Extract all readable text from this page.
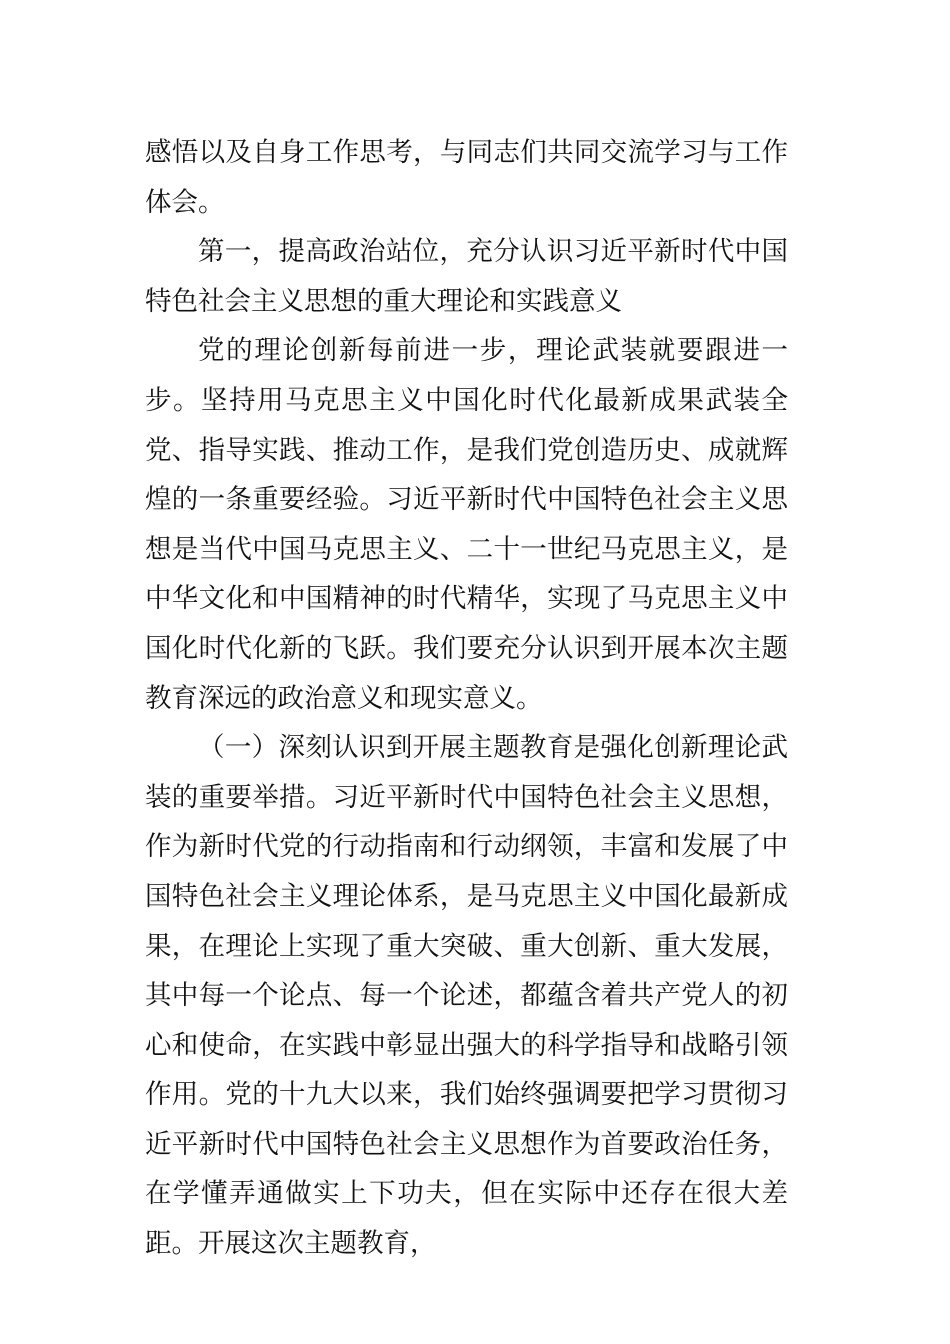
感悟以及自身工作思考，与同志们共同交流学习与工作体会。

第一，提高政治站位，充分认识习近平新时代中国特色社会主义思想的重大理论和实践意义

党的理论创新每前进一步，理论武装就要跟进一步。坚持用马克思主义中国化时代化最新成果武装全党、指导实践、推动工作，是我们党创造历史、成就辉煌的一条重要经验。习近平新时代中国特色社会主义思想是当代中国马克思主义、二十一世纪马克思主义，是中华文化和中国精神的时代精华，实现了马克思主义中国化时代化新的飞跃。我们要充分认识到开展本次主题教育深远的政治意义和现实意义。

（一）深刻认识到开展主题教育是强化创新理论武装的重要举措。习近平新时代中国特色社会主义思想，作为新时代党的行动指南和行动纲领，丰富和发展了中国特色社会主义理论体系，是马克思主义中国化最新成果，在理论上实现了重大突破、重大创新、重大发展，其中每一个论点、每一个论述，都蕴含着共产党人的初心和使命，在实践中彰显出强大的科学指导和战略引领作用。党的十九大以来，我们始终强调要把学习贯彻习近平新时代中国特色社会主义思想作为首要政治任务，在学懂弄通做实上下功夫，但在实际中还存在很大差距。开展这次主题教育，
